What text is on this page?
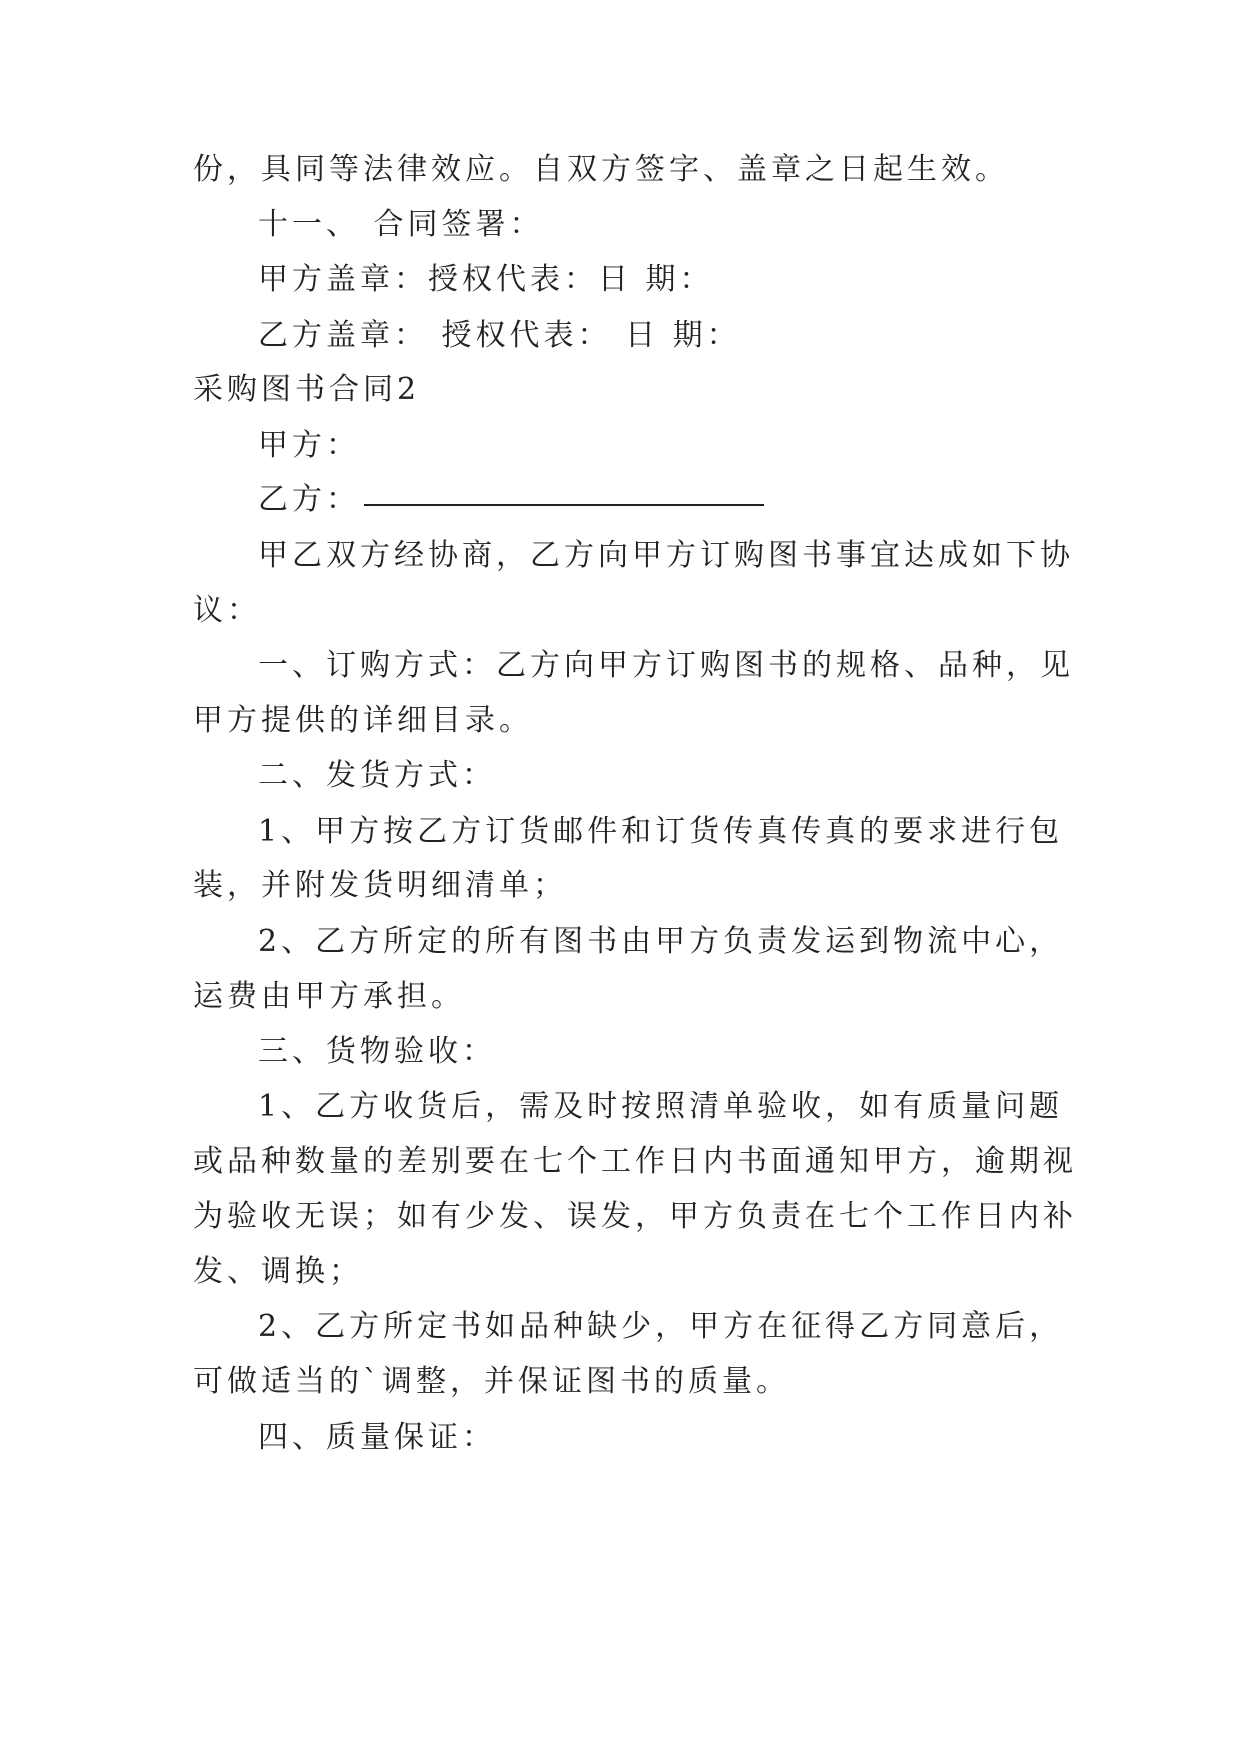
份，具同等法律效应。自双方签字、盖章之日起生效。
十一、 合同签署：
甲方盖章：授权代表：日 期：
乙方盖章： 授权代表： 日 期：
采购图书合同2
甲方：
乙方：
甲乙双方经协商，乙方向甲方订购图书事宜达成如下协
议：
一、订购方式：乙方向甲方订购图书的规格、品种，见
甲方提供的详细目录。
二、发货方式：
1、甲方按乙方订货邮件和订货传真传真的要求进行包
装，并附发货明细清单；
2、乙方所定的所有图书由甲方负责发运到物流中心，
运费由甲方承担。
三、货物验收：
1、乙方收货后，需及时按照清单验收，如有质量问题
或品种数量的差别要在七个工作日内书面通知甲方，逾期视
为验收无误；如有少发、误发，甲方负责在七个工作日内补
发、调换；
2、乙方所定书如品种缺少，甲方在征得乙方同意后，
可做适当的`调整，并保证图书的质量。
四、质量保证：
